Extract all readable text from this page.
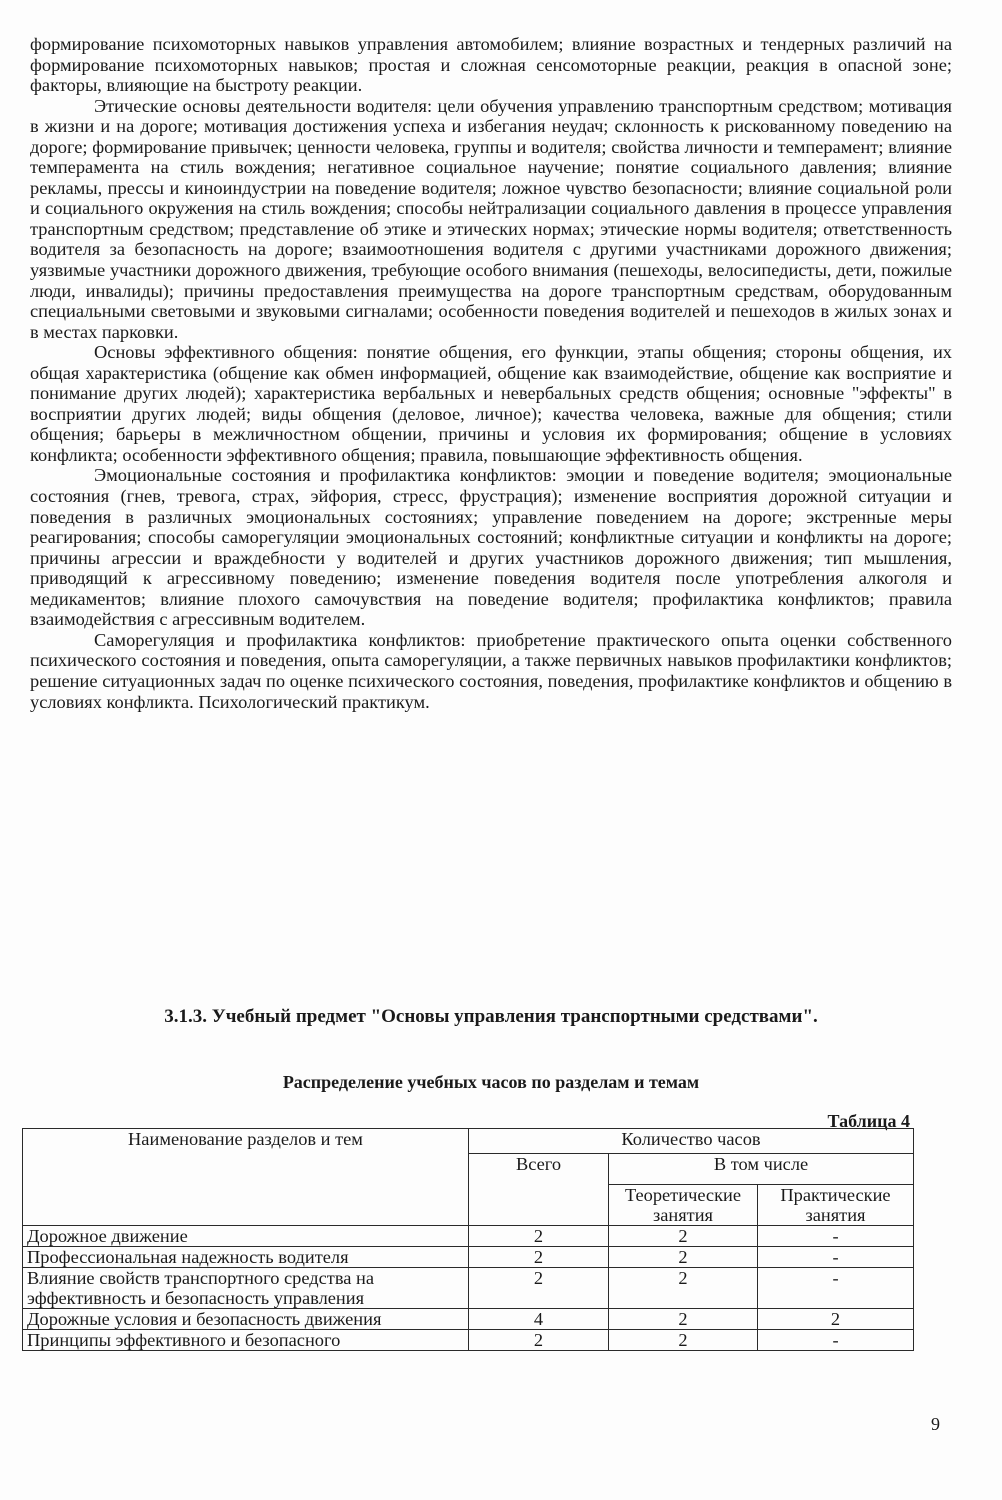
формирование психомоторных навыков управления автомобилем; влияние возрастных и тендерных различий на формирование психомоторных навыков; простая и сложная сенсомоторные реакции, реакция в опасной зоне; факторы, влияющие на быстроту реакции.

Этические основы деятельности водителя: цели обучения управлению транспортным средством; мотивация в жизни и на дороге; мотивация достижения успеха и избегания неудач; склонность к рискованному поведению на дороге; формирование привычек; ценности человека, группы и водителя; свойства личности и темперамент; влияние темперамента на стиль вождения; негативное социальное научение; понятие социального давления; влияние рекламы, прессы и киноиндустрии на поведение водителя; ложное чувство безопасности; влияние социальной роли и социального окружения на стиль вождения; способы нейтрализации социального давления в процессе управления транспортным средством; представление об этике и этических нормах; этические нормы водителя; ответственность водителя за безопасность на дороге; взаимоотношения водителя с другими участниками дорожного движения; уязвимые участники дорожного движения, требующие особого внимания (пешеходы, велосипедисты, дети, пожилые люди, инвалиды); причины предоставления преимущества на дороге транспортным средствам, оборудованным специальными световыми и звуковыми сигналами; особенности поведения водителей и пешеходов в жилых зонах и в местах парковки.

Основы эффективного общения: понятие общения, его функции, этапы общения; стороны общения, их общая характеристика (общение как обмен информацией, общение как взаимодействие, общение как восприятие и понимание других людей); характеристика вербальных и невербальных средств общения; основные "эффекты" в восприятии других людей; виды общения (деловое, личное); качества человека, важные для общения; стили общения; барьеры в межличностном общении, причины и условия их формирования; общение в условиях конфликта; особенности эффективного общения; правила, повышающие эффективность общения.

Эмоциональные состояния и профилактика конфликтов: эмоции и поведение водителя; эмоциональные состояния (гнев, тревога, страх, эйфория, стресс, фрустрация); изменение восприятия дорожной ситуации и поведения в различных эмоциональных состояниях; управление поведением на дороге; экстренные меры реагирования; способы саморегуляции эмоциональных состояний; конфликтные ситуации и конфликты на дороге; причины агрессии и враждебности у водителей и других участников дорожного движения; тип мышления, приводящий к агрессивному поведению; изменение поведения водителя после употребления алкоголя и медикаментов; влияние плохого самочувствия на поведение водителя; профилактика конфликтов; правила взаимодействия с агрессивным водителем.

Саморегуляция и профилактика конфликтов: приобретение практического опыта оценки собственного психического состояния и поведения, опыта саморегуляции, а также первичных навыков профилактики конфликтов; решение ситуационных задач по оценке психического состояния, поведения, профилактике конфликтов и общению в условиях конфликта. Психологический практикум.

3.1.3. Учебный предмет "Основы управления транспортными средствами".
Распределение учебных часов по разделам и темам
Таблица 4
Наименование разделов и тем	Количество часов		
	Всего	В том числе	
		Теоретические занятия	Практические занятия
Дорожное движение	2	2	-
Профессиональная надежность водителя	2	2	-
Влияние свойств транспортного средства на эффективность и безопасность управления	2	2	-
Дорожные условия и безопасность движения	4	2	2
Принципы эффективного и безопасного	2	2	-
9
